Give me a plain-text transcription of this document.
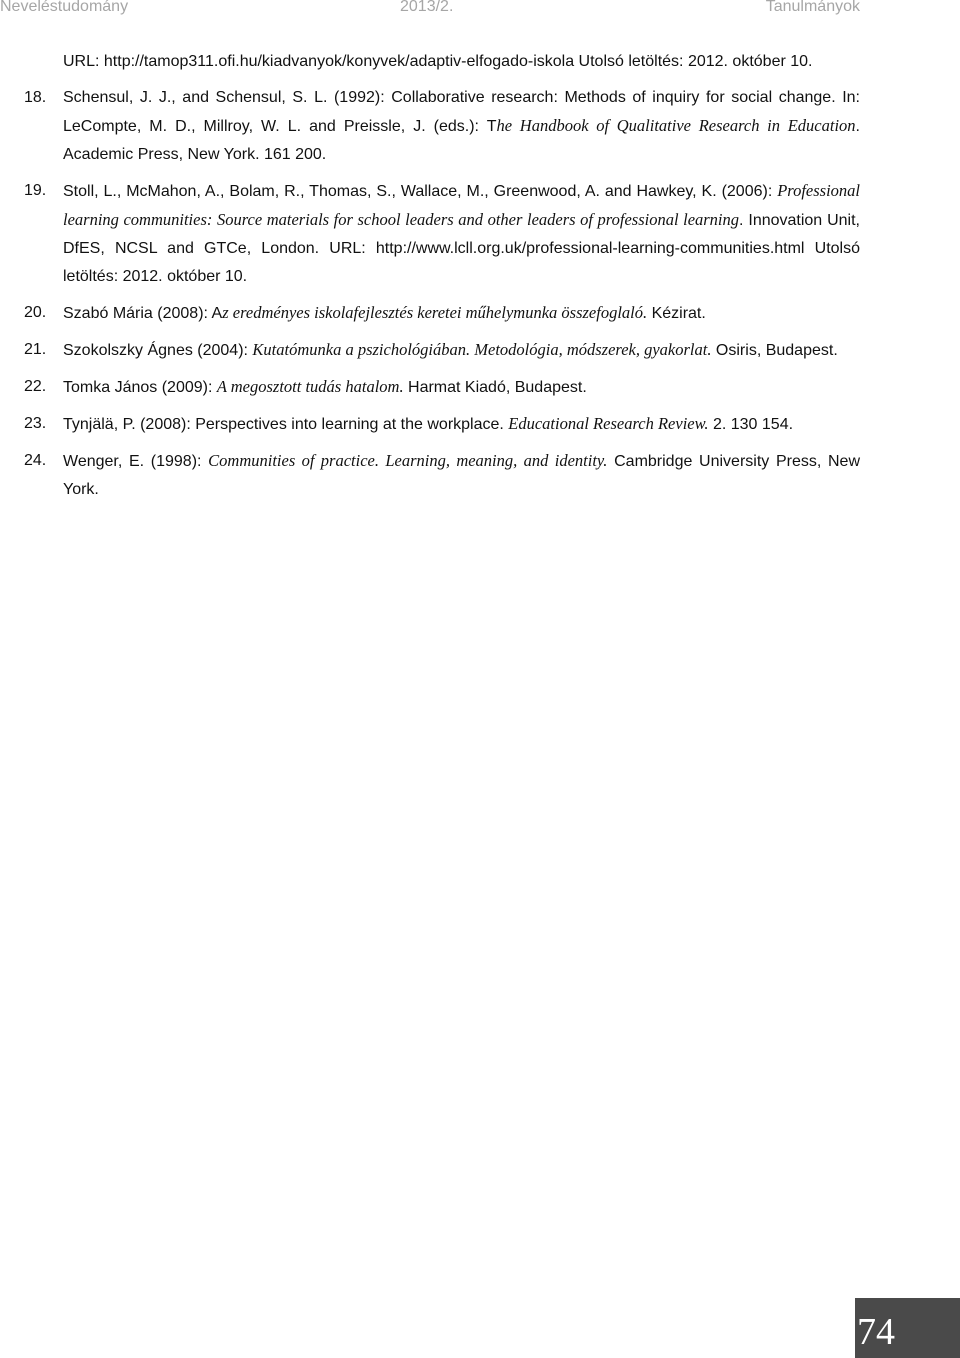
Neveléstudomány	2013/2.	Tanulmányok
URL: http://tamop311.ofi.hu/kiadvanyok/konyvek/adaptiv-elfogado-iskola Utolsó letöltés: 2012. október 10.
18. Schensul, J. J., and Schensul, S. L. (1992): Collaborative research: Methods of inquiry for social change. In: LeCompte, M. D., Millroy, W. L. and Preissle, J. (eds.): The Handbook of Qualitative Research in Education. Academic Press, New York. 161 200.
19. Stoll, L., McMahon, A., Bolam, R., Thomas, S., Wallace, M., Greenwood, A. and Hawkey, K. (2006): Professional learning communities: Source materials for school leaders and other leaders of professional learning. Innovation Unit, DfES, NCSL and GTCe, London. URL: http://www.lcll.org.uk/professional-learning-communities.html Utolsó letöltés: 2012. október 10.
20. Szabó Mária (2008): Az eredményes iskolafejlesztés keretei műhelymunka összefoglaló. Kézirat.
21. Szokolszky Ágnes (2004): Kutatómunka a pszichológiában. Metodológia, módszerek, gyakorlat. Osiris, Budapest.
22. Tomka János (2009): A megosztott tudás hatalom. Harmat Kiadó, Budapest.
23. Tynjälä, P. (2008): Perspectives into learning at the workplace. Educational Research Review. 2. 130 154.
24. Wenger, E. (1998): Communities of practice. Learning, meaning, and identity. Cambridge University Press, New York.
74
